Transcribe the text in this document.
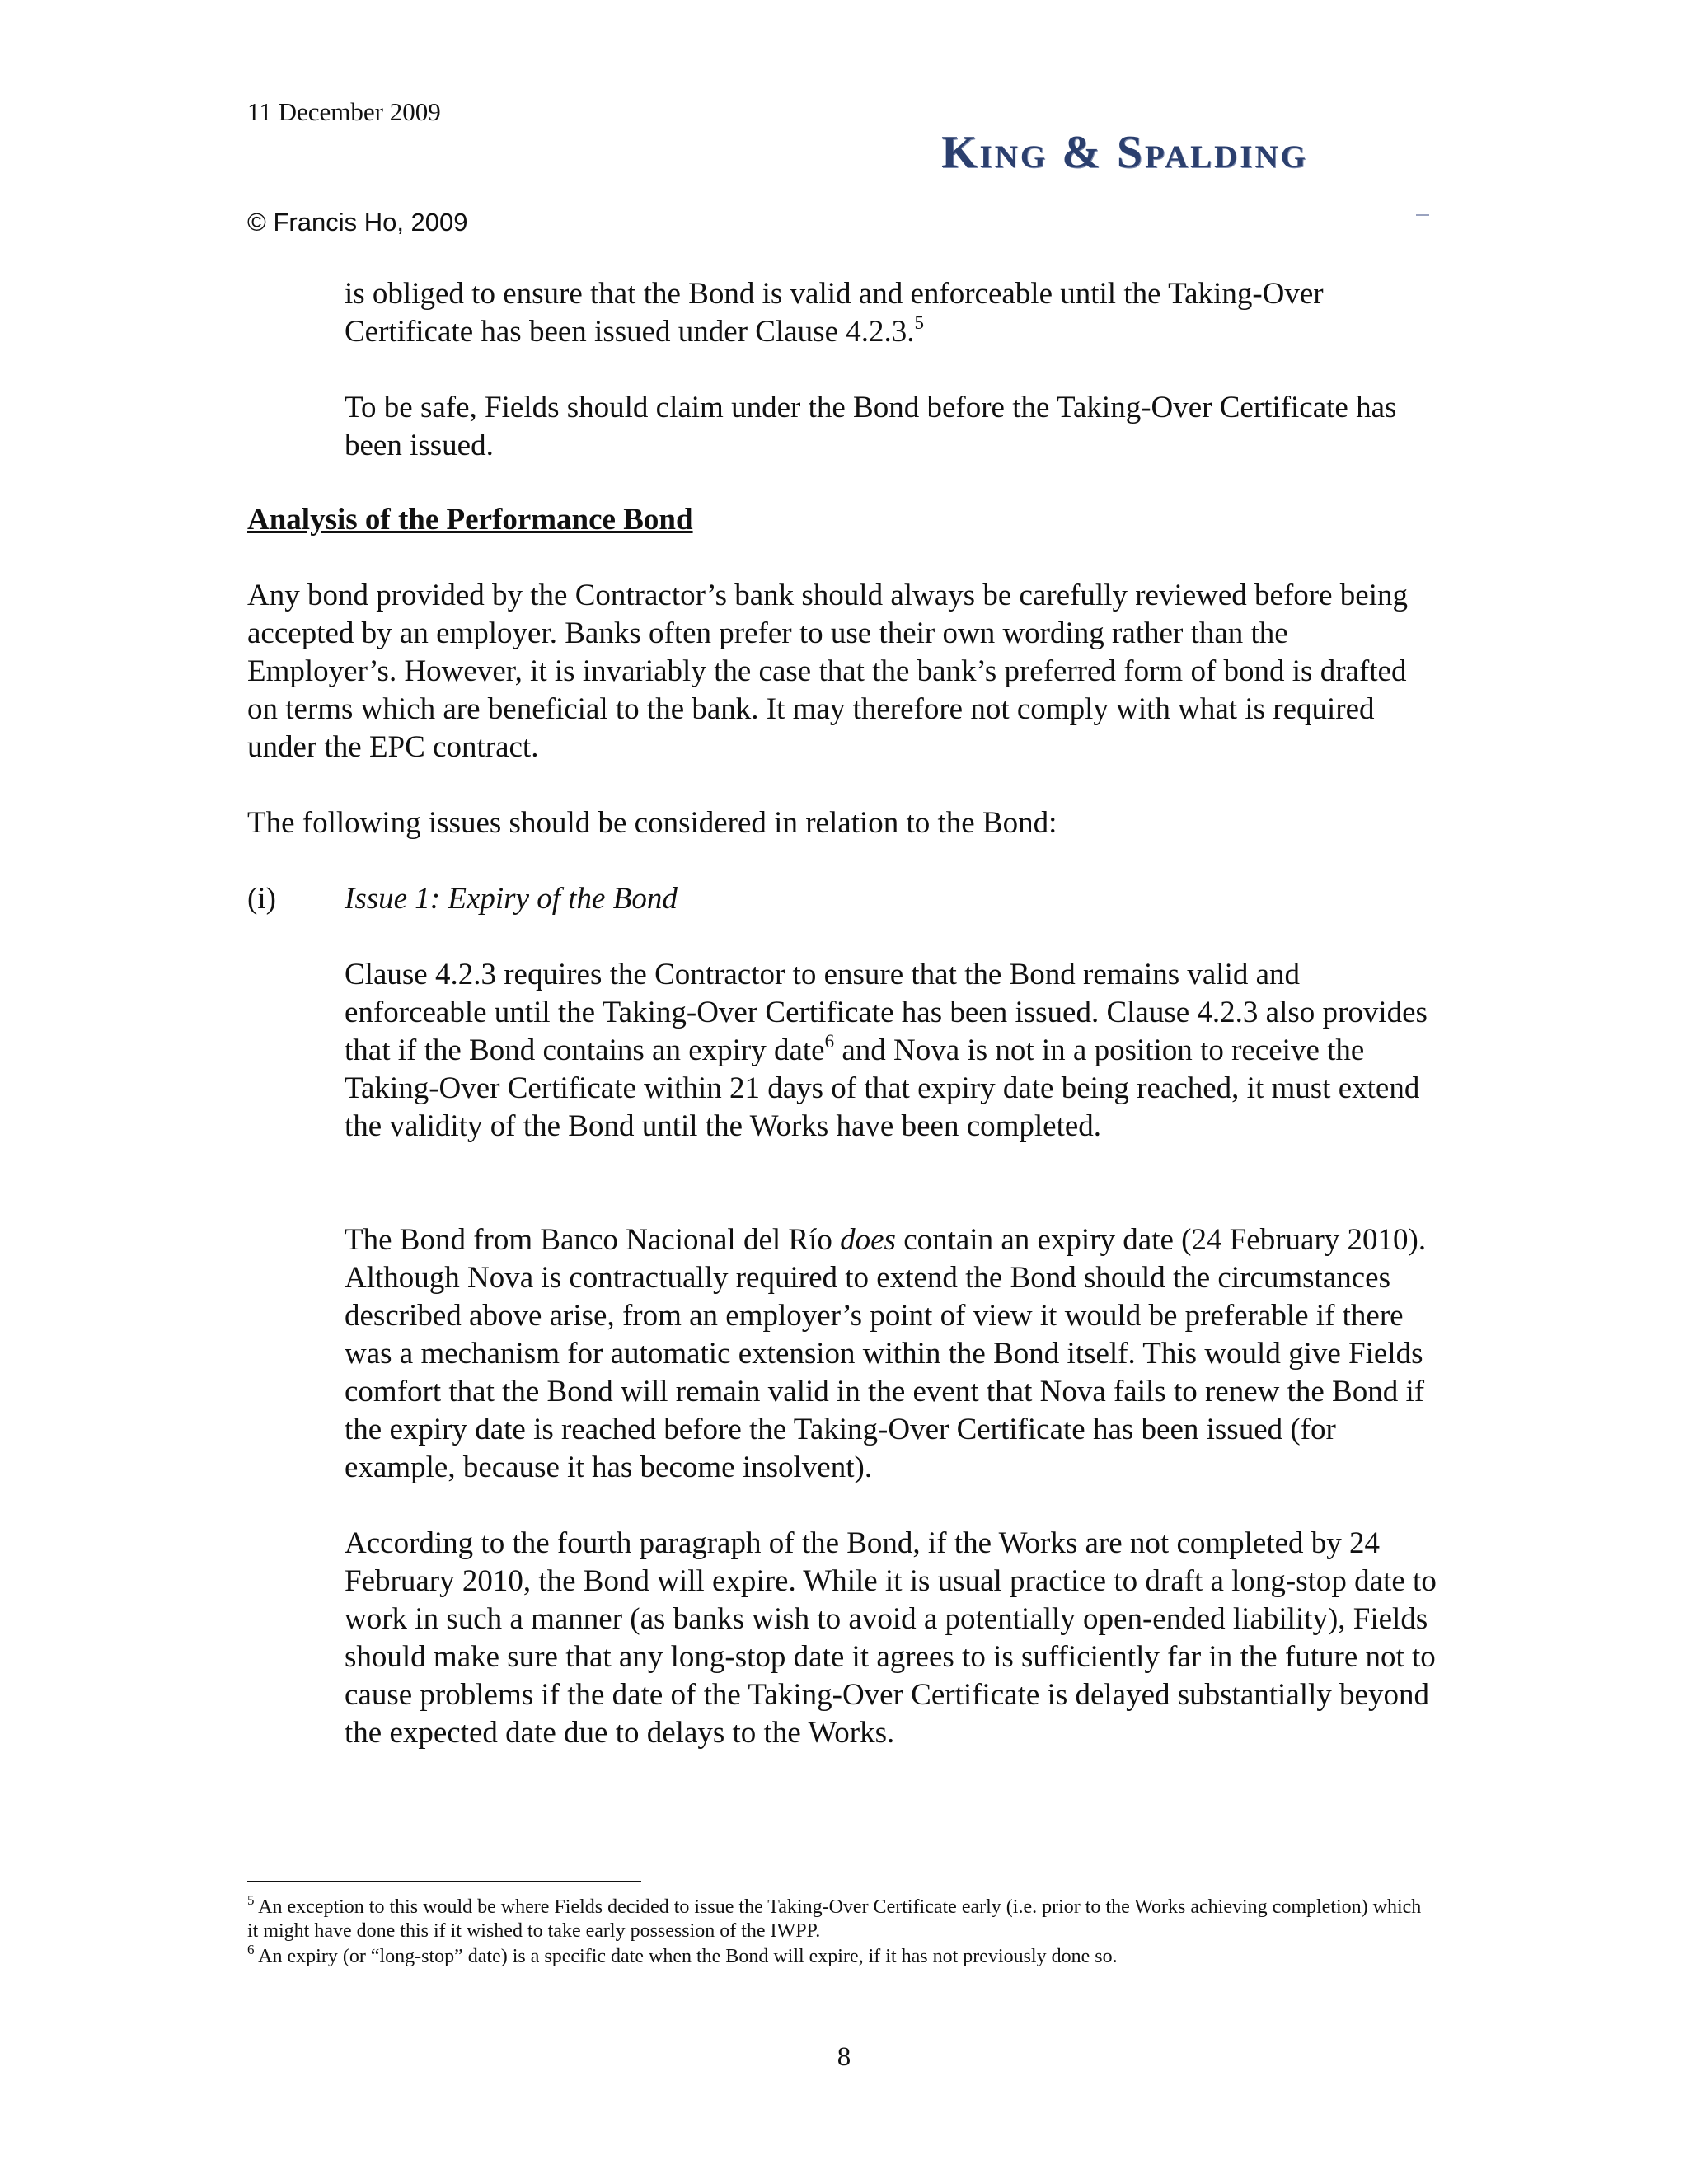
11 December 2009
King & Spalding
© Francis Ho, 2009

is obliged to ensure that the Bond is valid and enforceable until the Taking-Over Certificate has been issued under Clause 4.2.3.$^5$

To be safe, Fields should claim under the Bond before the Taking-Over Certificate has been issued.

Analysis of the Performance Bond

Any bond provided by the Contractor’s bank should always be carefully reviewed before being accepted by an employer. Banks often prefer to use their own wording rather than the Employer’s. However, it is invariably the case that the bank’s preferred form of bond is drafted on terms which are beneficial to the bank. It may therefore not comply with what is required under the EPC contract.

The following issues should be considered in relation to the Bond:

(i) Issue 1: Expiry of the Bond

Clause 4.2.3 requires the Contractor to ensure that the Bond remains valid and enforceable until the Taking-Over Certificate has been issued. Clause 4.2.3 also provides that if the Bond contains an expiry date$^6$ and Nova is not in a position to receive the Taking-Over Certificate within 21 days of that expiry date being reached, it must extend the validity of the Bond until the Works have been completed.

The Bond from Banco Nacional del Río does contain an expiry date (24 February 2010). Although Nova is contractually required to extend the Bond should the circumstances described above arise, from an employer’s point of view it would be preferable if there was a mechanism for automatic extension within the Bond itself. This would give Fields comfort that the Bond will remain valid in the event that Nova fails to renew the Bond if the expiry date is reached before the Taking-Over Certificate has been issued (for example, because it has become insolvent).

According to the fourth paragraph of the Bond, if the Works are not completed by 24 February 2010, the Bond will expire. While it is usual practice to draft a long-stop date to work in such a manner (as banks wish to avoid a potentially open-ended liability), Fields should make sure that any long-stop date it agrees to is sufficiently far in the future not to cause problems if the date of the Taking-Over Certificate is delayed substantially beyond the expected date due to delays to the Works.

$^5$ An exception to this would be where Fields decided to issue the Taking-Over Certificate early (i.e. prior to the Works achieving completion) which it might have done this if it wished to take early possession of the IWPP.

$^6$ An expiry (or “long-stop” date) is a specific date when the Bond will expire, if it has not previously done so.

8
